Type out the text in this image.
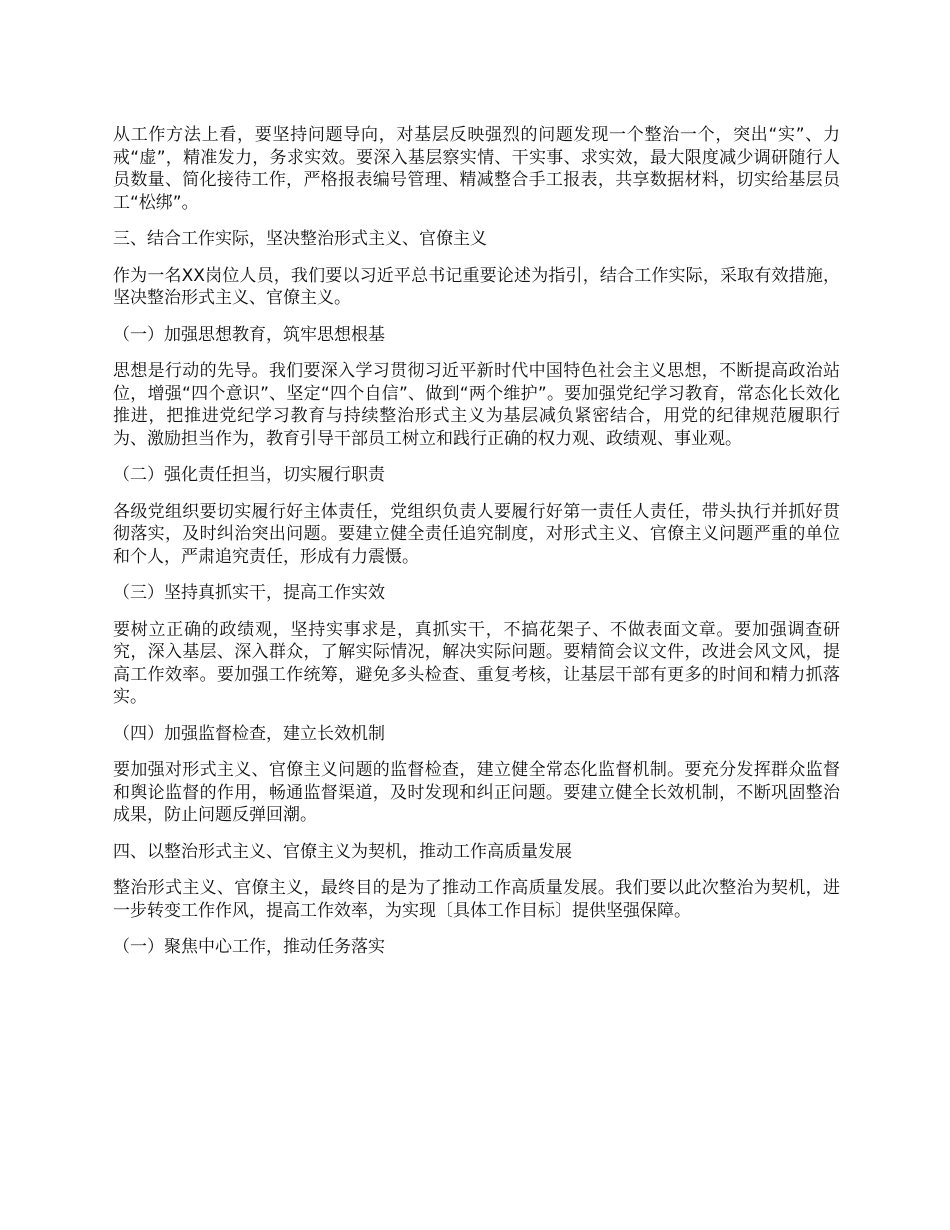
从工作方法上看，要坚持问题导向，对基层反映强烈的问题发现一个整治一个，突出“实”、力戒“虚”，精准发力，务求实效。要深入基层察实情、干实事、求实效，最大限度减少调研随行人员数量、简化接待工作，严格报表编号管理、精减整合手工报表，共享数据材料，切实给基层员工“松绑”。

三、结合工作实际，坚决整治形式主义、官僚主义

作为一名XX岗位人员，我们要以习近平总书记重要论述为指引，结合工作实际，采取有效措施，坚决整治形式主义、官僚主义。

（一）加强思想教育，筑牢思想根基

思想是行动的先导。我们要深入学习贯彻习近平新时代中国特色社会主义思想，不断提高政治站位，增强“四个意识”、坚定“四个自信”、做到“两个维护”。要加强党纪学习教育，常态化长效化推进，把推进党纪学习教育与持续整治形式主义为基层减负紧密结合，用党的纪律规范履职行为、激励担当作为，教育引导干部员工树立和践行正确的权力观、政绩观、事业观。

（二）强化责任担当，切实履行职责

各级党组织要切实履行好主体责任，党组织负责人要履行好第一责任人责任，带头执行并抓好贯彻落实，及时纠治突出问题。要建立健全责任追究制度，对形式主义、官僚主义问题严重的单位和个人，严肃追究责任，形成有力震慑。

（三）坚持真抓实干，提高工作实效

要树立正确的政绩观，坚持实事求是，真抓实干，不搞花架子、不做表面文章。要加强调查研究，深入基层、深入群众，了解实际情况，解决实际问题。要精简会议文件，改进会风文风，提高工作效率。要加强工作统筹，避免多头检查、重复考核，让基层干部有更多的时间和精力抓落实。

（四）加强监督检查，建立长效机制

要加强对形式主义、官僚主义问题的监督检查，建立健全常态化监督机制。要充分发挥群众监督和舆论监督的作用，畅通监督渠道，及时发现和纠正问题。要建立健全长效机制，不断巩固整治成果，防止问题反弹回潮。

四、以整治形式主义、官僚主义为契机，推动工作高质量发展

整治形式主义、官僚主义，最终目的是为了推动工作高质量发展。我们要以此次整治为契机，进一步转变工作作风，提高工作效率，为实现〔具体工作目标〕提供坚强保障。

（一）聚焦中心工作，推动任务落实
